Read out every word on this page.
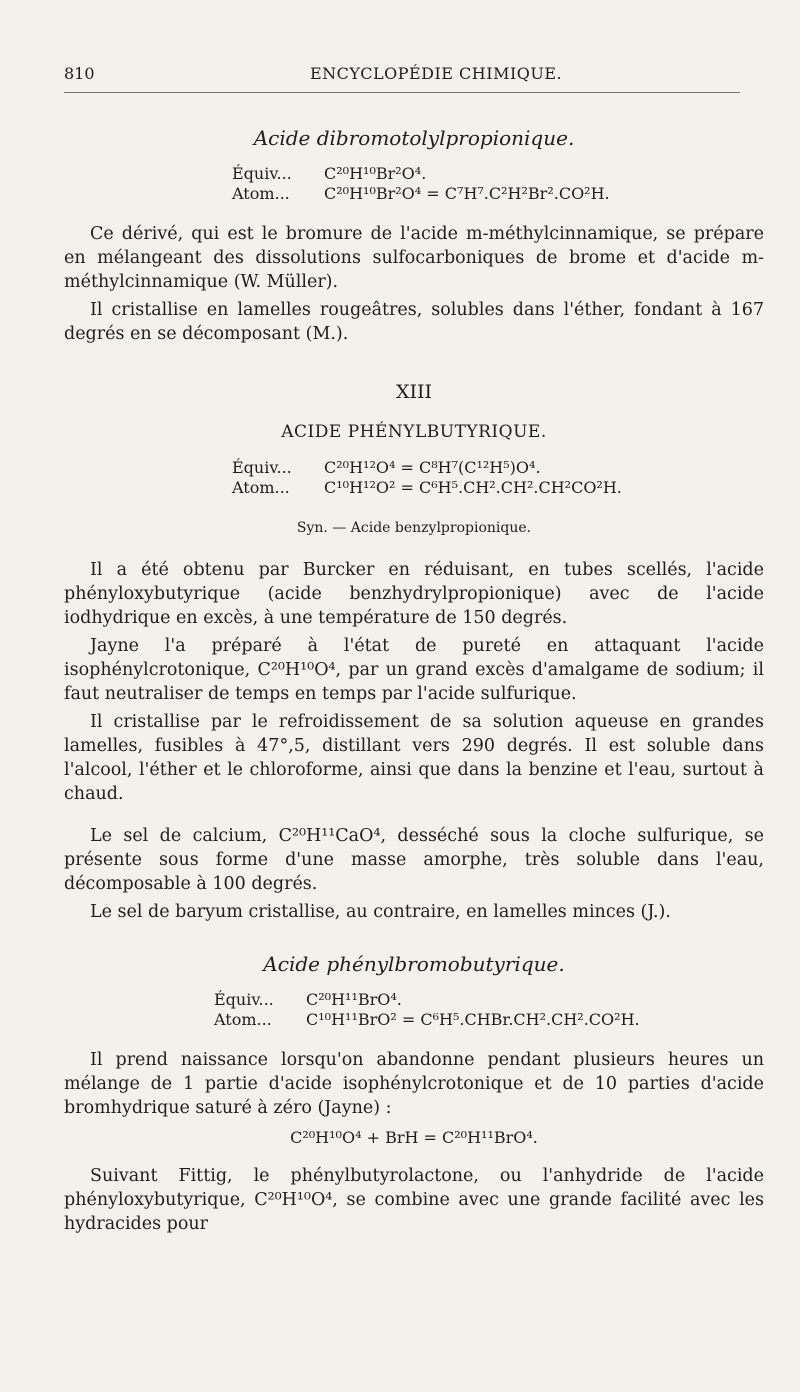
810	ENCYCLOPÉDIE CHIMIQUE.
Acide dibromotolylpropionique.
Équiv... C²⁰H¹⁰Br²O⁴.
Atom... C²⁰H¹⁰Br²O⁴ = C⁷H⁷.C²H²Br².CO²H.

Ce dérivé, qui est le bromure de l'acide m-méthylcinnamique, se prépare en mélangeant des dissolutions sulfocarboniques de brome et d'acide m-méthylcinnamique (W. Müller).

Il cristallise en lamelles rougeâtres, solubles dans l'éther, fondant à 167 degrés en se décomposant (M.).

XIII
ACIDE PHÉNYLBUTYRIQUE.
Équiv... C²⁰H¹²O⁴ = C⁸H⁷(C¹²H⁵)O⁴.
Atom... C¹⁰H¹²O² = C⁶H⁵.CH².CH².CH²CO²H.
Syn. — Acide benzylpropionique.

Il a été obtenu par Burcker en réduisant, en tubes scellés, l'acide phényloxybutyrique (acide benzhydrylpropionique) avec de l'acide iodhydrique en excès, à une température de 150 degrés.

Jayne l'a préparé à l'état de pureté en attaquant l'acide isophénylcrotonique, C²⁰H¹⁰O⁴, par un grand excès d'amalgame de sodium; il faut neutraliser de temps en temps par l'acide sulfurique.

Il cristallise par le refroidissement de sa solution aqueuse en grandes lamelles, fusibles à 47°,5, distillant vers 290 degrés. Il est soluble dans l'alcool, l'éther et le chloroforme, ainsi que dans la benzine et l'eau, surtout à chaud.

Le sel de calcium, C²⁰H¹¹CaO⁴, desséché sous la cloche sulfurique, se présente sous forme d'une masse amorphe, très soluble dans l'eau, décomposable à 100 degrés.

Le sel de baryum cristallise, au contraire, en lamelles minces (J.).

Acide phénylbromobutyrique.
Équiv... C²⁰H¹¹BrO⁴.
Atom... C¹⁰H¹¹BrO² = C⁶H⁵.CHBr.CH².CH².CO²H.

Il prend naissance lorsqu'on abandonne pendant plusieurs heures un mélange de 1 partie d'acide isophénylcrotonique et de 10 parties d'acide bromhydrique saturé à zéro (Jayne) :

C²⁰H¹⁰O⁴ + BrH = C²⁰H¹¹BrO⁴.

Suivant Fittig, le phénylbutyrolactone, ou l'anhydride de l'acide phényloxybutyrique, C²⁰H¹⁰O⁴, se combine avec une grande facilité avec les hydracides pour
